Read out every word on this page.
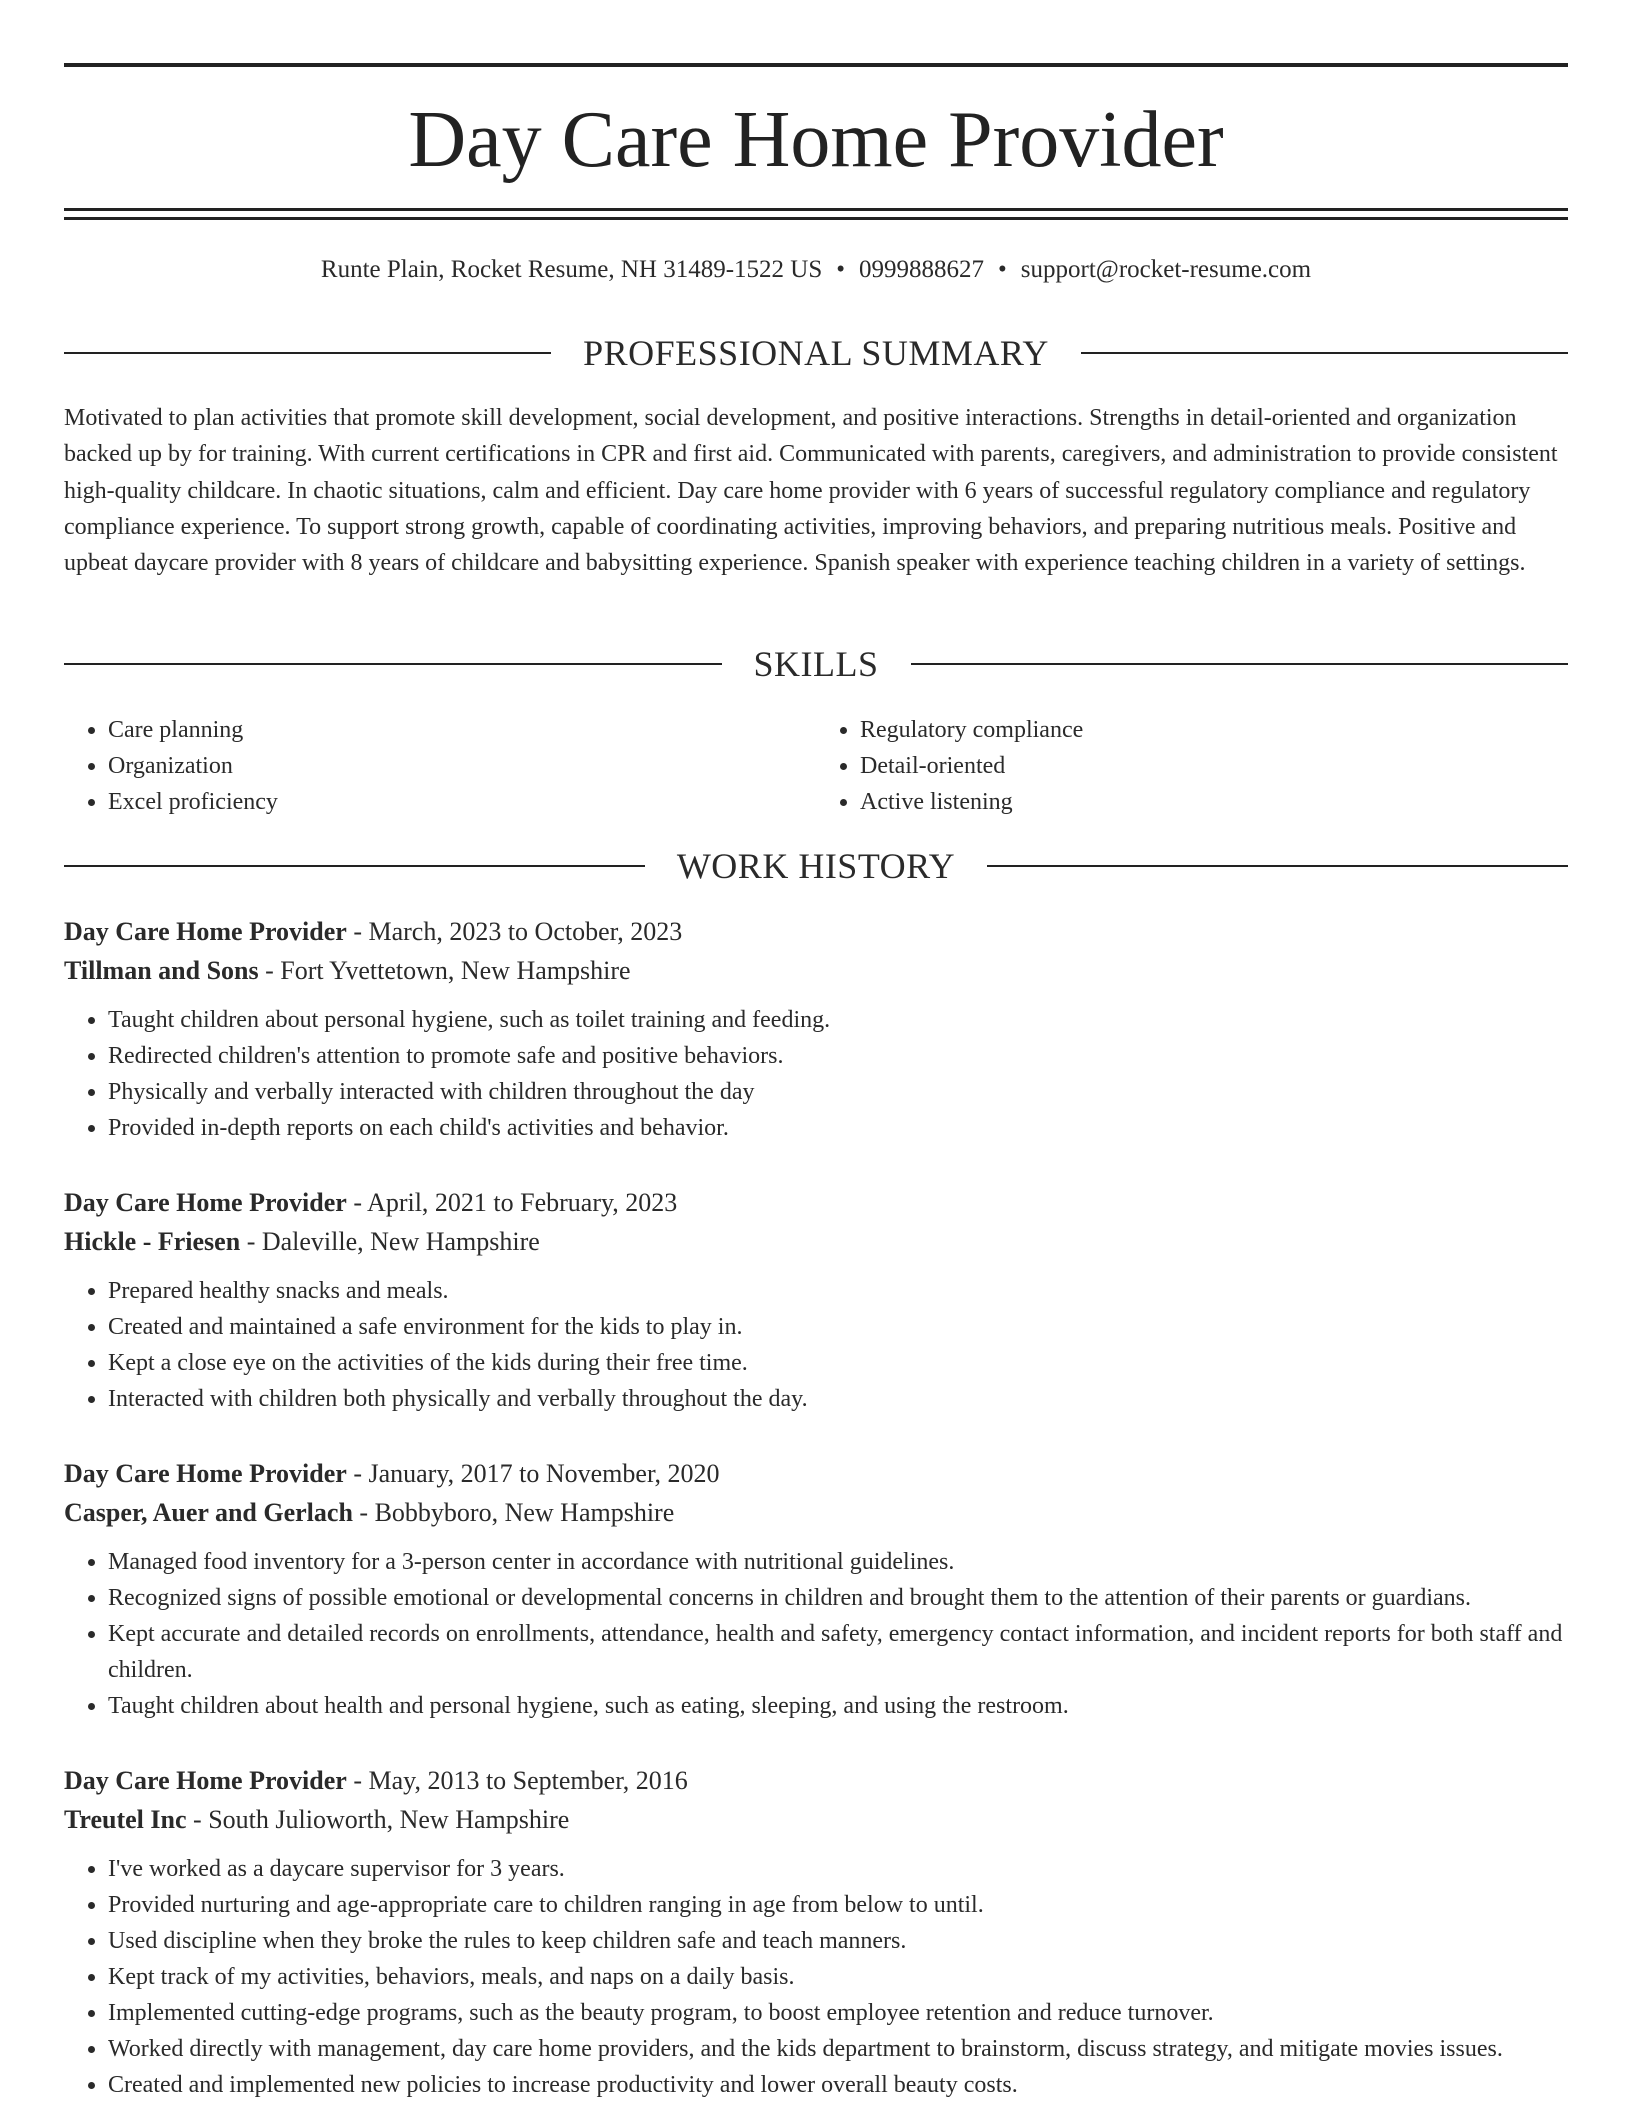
Day Care Home Provider
Runte Plain, Rocket Resume, NH 31489-1522 US • 0999888627 • support@rocket-resume.com
PROFESSIONAL SUMMARY

Motivated to plan activities that promote skill development, social development, and positive interactions. Strengths in detail-oriented and organization backed up by for training. With current certifications in CPR and first aid. Communicated with parents, caregivers, and administration to provide consistent high-quality childcare. In chaotic situations, calm and efficient. Day care home provider with 6 years of successful regulatory compliance and regulatory compliance experience. To support strong growth, capable of coordinating activities, improving behaviors, and preparing nutritious meals. Positive and upbeat daycare provider with 8 years of childcare and babysitting experience. Spanish speaker with experience teaching children in a variety of settings.

SKILLS
• Care planning
• Organization
• Excel proficiency
• Regulatory compliance
• Detail-oriented
• Active listening
WORK HISTORY
Day Care Home Provider - March, 2023 to October, 2023
Tillman and Sons - Fort Yvettetown, New Hampshire
• Taught children about personal hygiene, such as toilet training and feeding.
• Redirected children's attention to promote safe and positive behaviors.
• Physically and verbally interacted with children throughout the day
• Provided in-depth reports on each child's activities and behavior.
Day Care Home Provider - April, 2021 to February, 2023
Hickle - Friesen - Daleville, New Hampshire
• Prepared healthy snacks and meals.
• Created and maintained a safe environment for the kids to play in.
• Kept a close eye on the activities of the kids during their free time.
• Interacted with children both physically and verbally throughout the day.
Day Care Home Provider - January, 2017 to November, 2020
Casper, Auer and Gerlach - Bobbyboro, New Hampshire
• Managed food inventory for a 3-person center in accordance with nutritional guidelines.
• Recognized signs of possible emotional or developmental concerns in children and brought them to the attention of their parents or guardians.
• Kept accurate and detailed records on enrollments, attendance, health and safety, emergency contact information, and incident reports for both staff and children.
• Taught children about health and personal hygiene, such as eating, sleeping, and using the restroom.
Day Care Home Provider - May, 2013 to September, 2016
Treutel Inc - South Julioworth, New Hampshire
• I've worked as a daycare supervisor for 3 years.
• Provided nurturing and age-appropriate care to children ranging in age from below to until.
• Used discipline when they broke the rules to keep children safe and teach manners.
• Kept track of my activities, behaviors, meals, and naps on a daily basis.
• Implemented cutting-edge programs, such as the beauty program, to boost employee retention and reduce turnover.
• Worked directly with management, day care home providers, and the kids department to brainstorm, discuss strategy, and mitigate movies issues.
• Created and implemented new policies to increase productivity and lower overall beauty costs.
